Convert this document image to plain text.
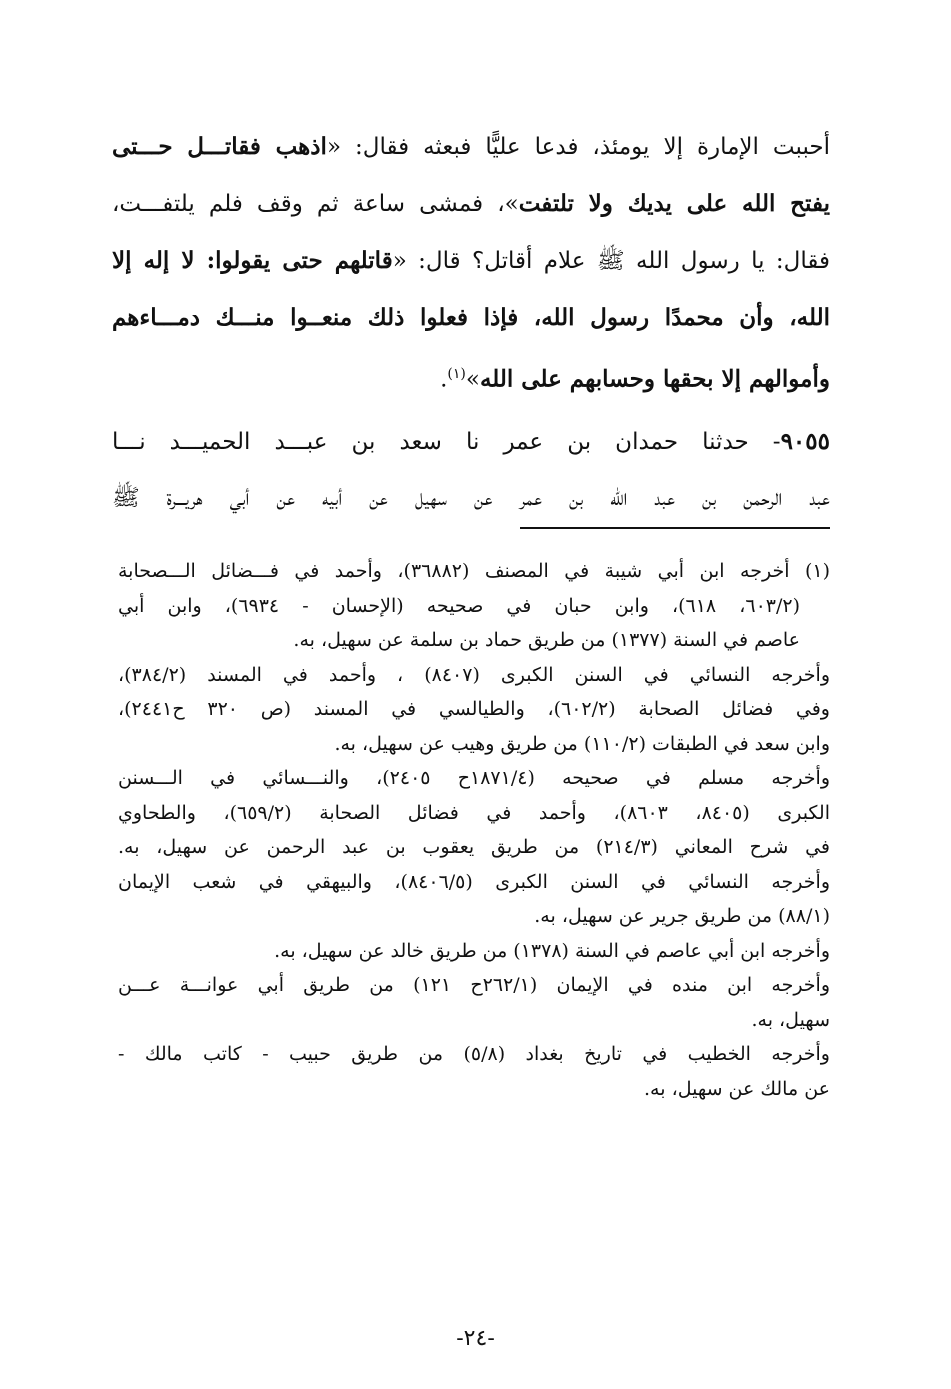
أحببت الإمارة إلا يومئذ، فدعا عليًّا فبعثه فقال: «اذهب فقاتـــل حـــتى
يفتح الله على يديك ولا تلتفت»، فمشى ساعة ثم وقف فلم يلتفـــت،
فقال: يا رسول الله ﷺ علام أقاتل؟ قال: «قاتلهم حتى يقولوا: لا إله إلا
الله، وأن محمدًا رسول الله، فإذا فعلوا ذلك منعــوا منـــك دمـــاءهم
وأموالهم إلا بحقها وحسابهم على الله»$^{(١)}$.
٩٠٥٥- حدثنا حمدان بن عمر نا سعد بن عبـــد الحميـــد نـــا
عبد الرحمن بن عبد الله بن عمر عن سهيل عن أبيه عن أبي هريـــرة ﷺ
(١) أخرجه ابن أبي شيبة في المصنف (٣٦٨٨٢)، وأحمد في فـــضائل الـــصحابة
(٦٠٣/٢، ٦١٨)، وابن حبان في صحيحه (الإحسان - ٦٩٣٤)، وابن أبي
عاصم في السنة (١٣٧٧) من طريق حماد بن سلمة عن سهيل، به.
وأخرجه النسائي في السنن الكبرى (٨٤٠٧) ، وأحمد في المسند (٣٨٤/٢)،
وفي فضائل الصحابة (٦٠٢/٢)، والطيالسي في المسند (ص ٣٢٠ ح٢٤٤١)،
وابن سعد في الطبقات (١١٠/٢) من طريق وهيب عن سهيل، به.
وأخرجه مسلم في صحيحه (١٨٧١/٤ح ٢٤٠٥)، والنـــسائي في الـــسنن
الكبرى (٨٤٠٥، ٨٦٠٣)، وأحمد في فضائل الصحابة (٦٥٩/٢)، والطحاوي
في شرح المعاني (٢١٤/٣) من طريق يعقوب بن عبد الرحمن عن سهيل، به.
وأخرجه النسائي في السنن الكبرى (٨٤٠٦/٥)، والبيهقي في شعب الإيمان
(٨٨/١) من طريق جرير عن سهيل، به.
وأخرجه ابن أبي عاصم في السنة (١٣٧٨) من طريق خالد عن سهيل، به.
وأخرجه ابن منده في الإيمان (٢٦٢/١ح ١٢١) من طريق أبي عوانـــة عـــن
سهيل، به.
وأخرجه الخطيب في تاريخ بغداد (٥/٨) من طريق حبيب - كاتب مالك -
عن مالك عن سهيل، به.
-٢٤-
